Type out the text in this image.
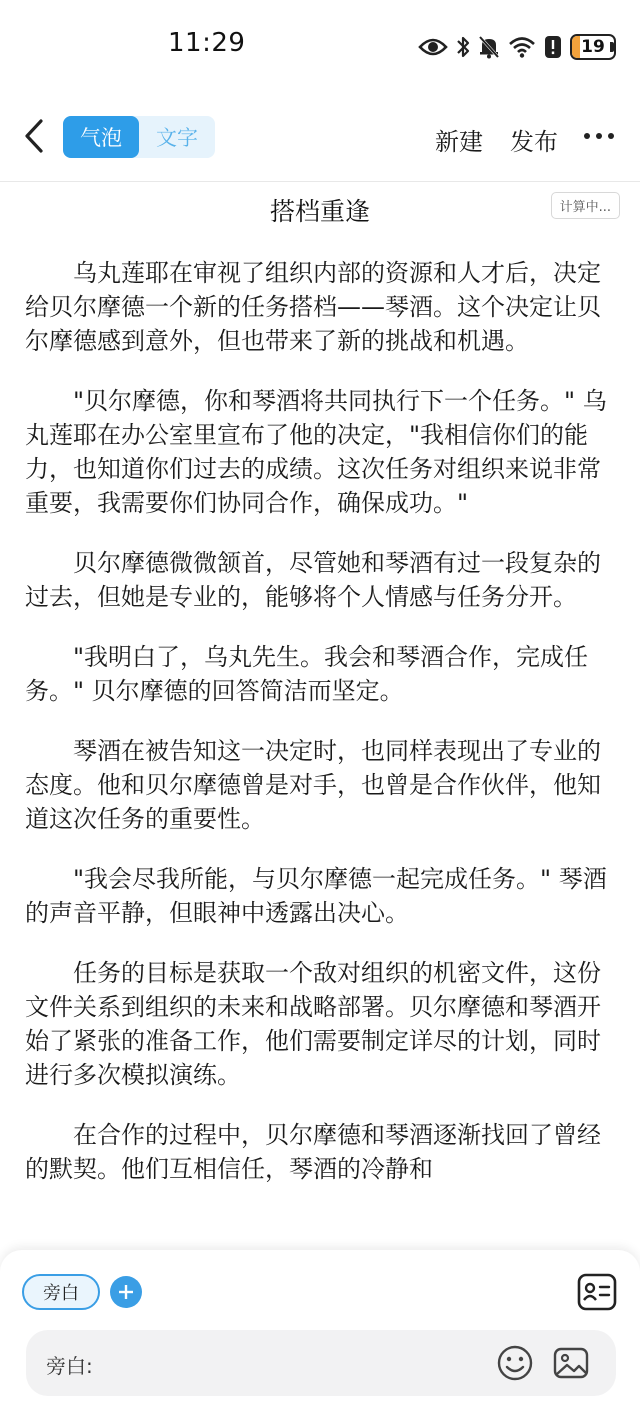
11:29	19
气泡	文字	新建 发布
搭档重逢	计算中...

乌丸莲耶在审视了组织内部的资源和人才后，决定给贝尔摩德一个新的任务搭档——琴酒。这个决定让贝尔摩德感到意外，但也带来了新的挑战和机遇。

"贝尔摩德，你和琴酒将共同执行下一个任务。" 乌丸莲耶在办公室里宣布了他的决定，"我相信你们的能力，也知道你们过去的成绩。这次任务对组织来说非常重要，我需要你们协同合作，确保成功。"

贝尔摩德微微颔首，尽管她和琴酒有过一段复杂的过去，但她是专业的，能够将个人情感与任务分开。

"我明白了，乌丸先生。我会和琴酒合作，完成任务。" 贝尔摩德的回答简洁而坚定。

琴酒在被告知这一决定时，也同样表现出了专业的态度。他和贝尔摩德曾是对手，也曾是合作伙伴，他知道这次任务的重要性。

"我会尽我所能，与贝尔摩德一起完成任务。" 琴酒的声音平静，但眼神中透露出决心。

任务的目标是获取一个敌对组织的机密文件，这份文件关系到组织的未来和战略部署。贝尔摩德和琴酒开始了紧张的准备工作，他们需要制定详尽的计划，同时进行多次模拟演练。

在合作的过程中，贝尔摩德和琴酒逐渐找回了曾经的默契。他们互相信任，琴酒的冷静和

旁白
旁白:
